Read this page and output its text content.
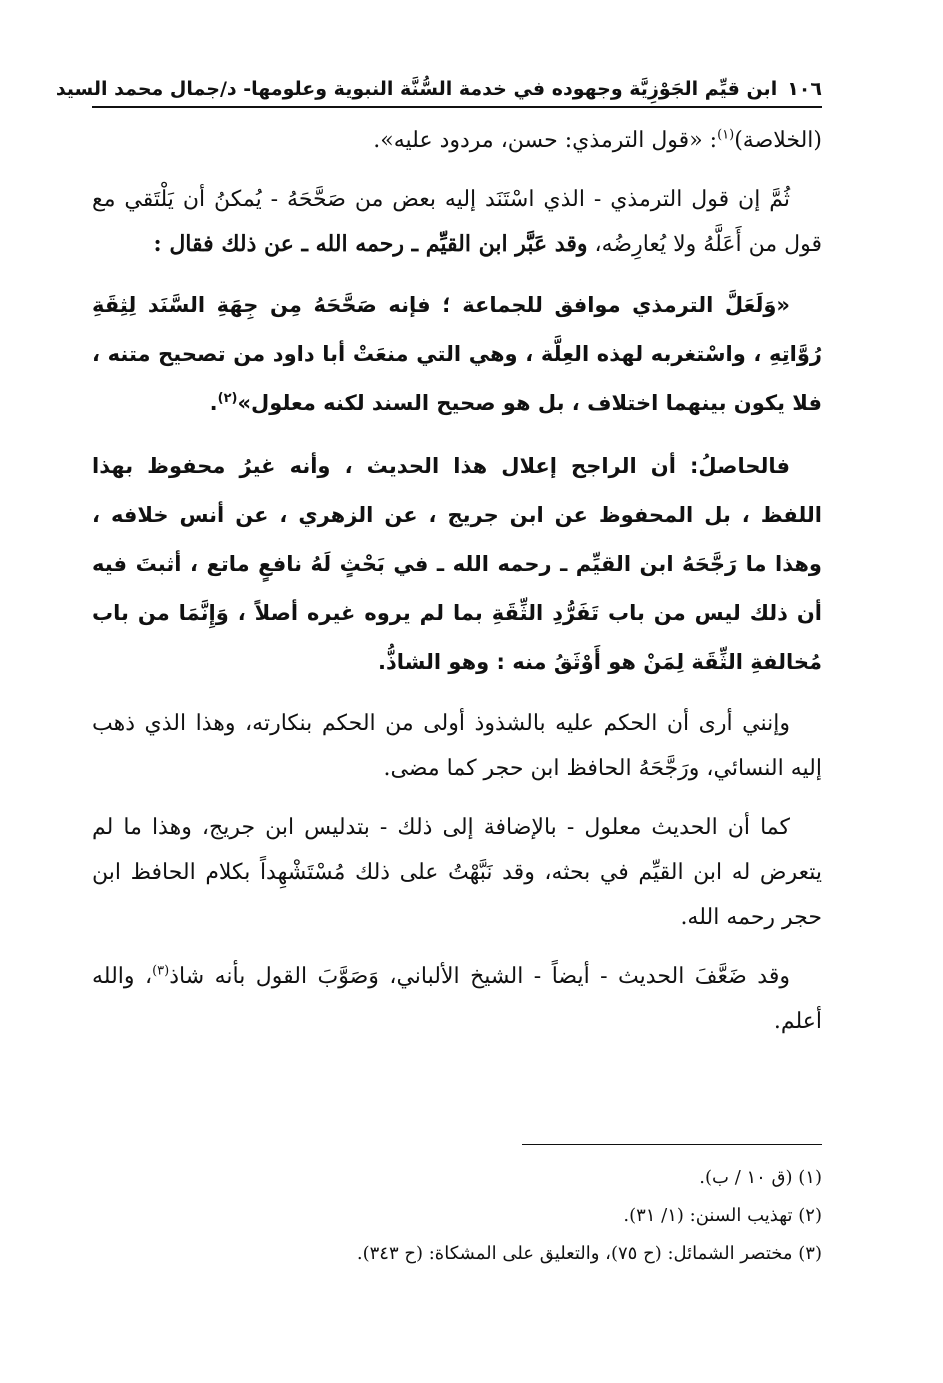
١٠٦
ابن قيِّم الجَوْزِيَّة وجهوده في خدمة السُّنَّة النبوية وعلومها- د/جمال محمد السيد

(الخلاصة)$^{(١)}$: «قول الترمذي: حسن، مردود عليه».

ثُمَّ إن قول الترمذي - الذي اسْتَنَد إليه بعض من صَحَّحَهُ - يُمكنُ أن يَلْتَقي مع قول من أَعَلَّهُ ولا يُعارِضُه، وقد عَبَّر ابن القيِّم ـ رحمه الله ـ عن ذلك فقال :

«وَلَعَلَّ الترمذي موافق للجماعة ؛ فإنه صَحَّحَهُ مِن جِهَةِ السَّنَد لِثِقَةِ رُوَّاتِهِ ، واسْتغربه لهذه العِلَّة ، وهي التي منعَتْ أبا داود من تصحيح متنه ، فلا يكون بينهما اختلاف ، بل هو صحيح السند لكنه معلول»$^{(٢)}$.

فالحاصلُ: أن الراجح إعلال هذا الحديث ، وأنه غيرُ محفوظ بهذا اللفظ ، بل المحفوظ عن ابن جريج ، عن الزهري ، عن أنس خلافه ، وهذا ما رَجَّحَهُ ابن القيِّم ـ رحمه الله ـ في بَحْثٍ لَهُ نافعٍ ماتع ، أثبتَ فيه أن ذلك ليس من باب تَفَرُّدِ الثِّقَةِ بما لم يروه غيره أصلاً ، وَإِنَّمَا من باب مُخالفةِ الثِّقَة لِمَنْ هو أَوْثَقُ منه : وهو الشاذُّ.

وإنني أرى أن الحكم عليه بالشذوذ أولى من الحكم بنكارته، وهذا الذي ذهب إليه النسائي، ورَجَّحَهُ الحافظ ابن حجر كما مضى.

كما أن الحديث معلول - بالإضافة إلى ذلك - بتدليس ابن جريج، وهذا ما لم يتعرض له ابن القيِّم في بحثه، وقد نَبَّهْتُ على ذلك مُسْتَشْهِداً بكلام الحافظ ابن حجر رحمه الله.

وقد ضَعَّفَ الحديث - أيضاً - الشيخ الألباني، وَصَوَّبَ القول بأنه شاذ$^{(٣)}$، والله أعلم.

(١) (ق ١٠ / ب).

(٢) تهذيب السنن: (١/ ٣١).

(٣) مختصر الشمائل: (ح ٧٥)، والتعليق على المشكاة: (ح ٣٤٣).
